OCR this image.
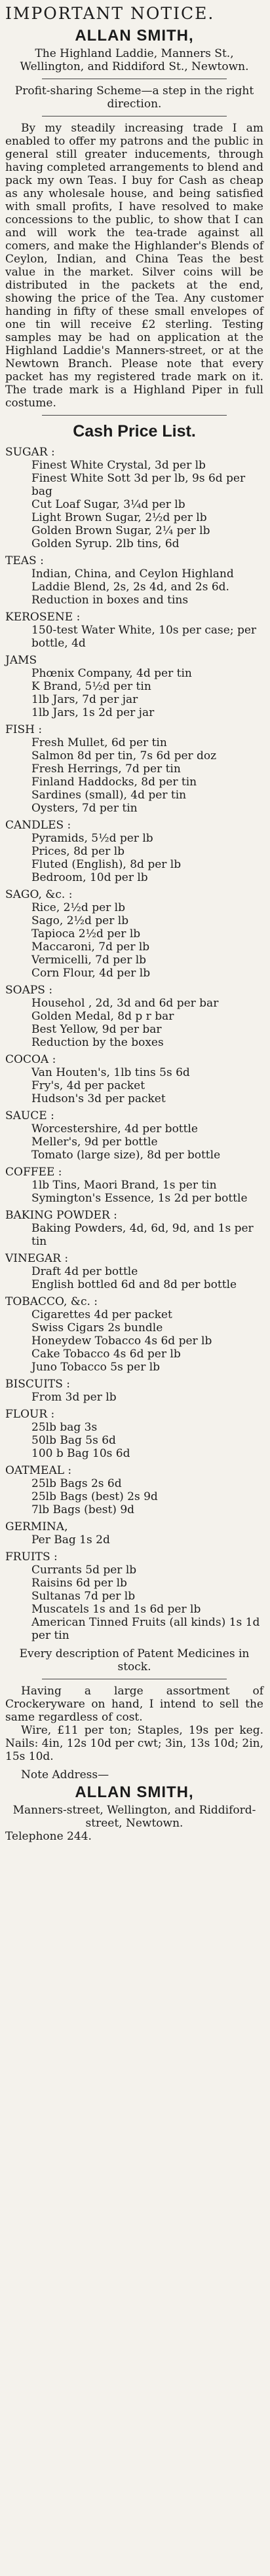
IMPORTANT NOTICE.
ALLAN SMITH,

The Highland Laddie, Manners St., Wellington, and Riddiford St., Newtown.

Profit-sharing Scheme—a step in the right direction.

By my steadily increasing trade I am enabled to offer my patrons and the public in general still greater inducements, through having completed arrangements to blend and pack my own Teas. I buy for Cash as cheap as any wholesale house, and being satisfied with small profits, I have resolved to make concessions to the public, to show that I can and will work the tea-trade against all comers, and make the Highlander's Blends of Ceylon, Indian, and China Teas the best value in the market. Silver coins will be distributed in the packets at the end, showing the price of the Tea. Any customer handing in fifty of these small envelopes of one tin will receive £2 sterling. Testing samples may be had on application at the Highland Laddie's Manners-street, or at the Newtown Branch. Please note that every packet has my registered trade mark on it. The trade mark is a Highland Piper in full costume.

Cash Price List.
SUGAR :
Finest White Crystal, 3d per lb
Finest White Sott 3d per lb, 9s 6d per bag
Cut Loaf Sugar, 3¼d per lb
Light Brown Sugar, 2½d per lb
Golden Brown Sugar, 2¼ per lb
Golden Syrup. 2lb tins, 6d
TEAS :
Indian, China, and Ceylon Highland Laddie Blend, 2s, 2s 4d, and 2s 6d. Reduction in boxes and tins
KEROSENE :
150-test Water White, 10s per case; per bottle, 4d
JAMS
Phœnix Company, 4d per tin
K Brand, 5½d per tin
1lb Jars, 7d per jar
1lb Jars, 1s 2d per jar
FISH :
Fresh Mullet, 6d per tin
Salmon 8d per tin, 7s 6d per doz
Fresh Herrings, 7d per tin
Finland Haddocks, 8d per tin
Sardines (small), 4d per tin
Oysters, 7d per tin
CANDLES :
Pyramids, 5½d per lb
Prices, 8d per lb
Fluted (English), 8d per lb
Bedroom, 10d per lb
SAGO, &c. :
Rice, 2½d per lb
Sago, 2½d per lb
Tapioca 2½d per lb
Maccaroni, 7d per lb
Vermicelli, 7d per lb
Corn Flour, 4d per lb
SOAPS :
Househol , 2d, 3d and 6d per bar
Golden Medal, 8d p r bar
Best Yellow, 9d per bar
Reduction by the boxes
COCOA :
Van Houten's, 1lb tins 5s 6d
Fry's, 4d per packet
Hudson's 3d per packet
SAUCE :
Worcestershire, 4d per bottle
Meller's, 9d per bottle
Tomato (large size), 8d per bottle
COFFEE :
1lb Tins, Maori Brand, 1s per tin
Symington's Essence, 1s 2d per bottle
BAKING POWDER :
Baking Powders, 4d, 6d, 9d, and 1s per tin
VINEGAR :
Draft 4d per bottle
English bottled 6d and 8d per bottle
TOBACCO, &c. :
Cigarettes 4d per packet
Swiss Cigars 2s bundle
Honeydew Tobacco 4s 6d per lb
Cake Tobacco 4s 6d per lb
Juno Tobacco 5s per lb
BISCUITS :
From 3d per lb
FLOUR :
25lb bag 3s
50lb Bag 5s 6d
100 b Bag 10s 6d
OATMEAL :
25lb Bags 2s 6d
25lb Bags (best) 2s 9d
7lb Bags (best) 9d
GERMINA,
Per Bag 1s 2d
FRUITS :
Currants 5d per lb
Raisins 6d per lb
Sultanas 7d per lb
Muscatels 1s and 1s 6d per lb
American Tinned Fruits (all kinds) 1s 1d per tin

Every description of Patent Medicines in stock.

Having a large assortment of Crockeryware on hand, I intend to sell the same regardless of cost.

Wire, £11 per ton; Staples, 19s per keg. Nails: 4in, 12s 10d per cwt; 3in, 13s 10d; 2in, 15s 10d.

Note Address—

ALLAN SMITH,

Manners-street, Wellington, and Riddiford-street, Newtown.

Telephone 244.
